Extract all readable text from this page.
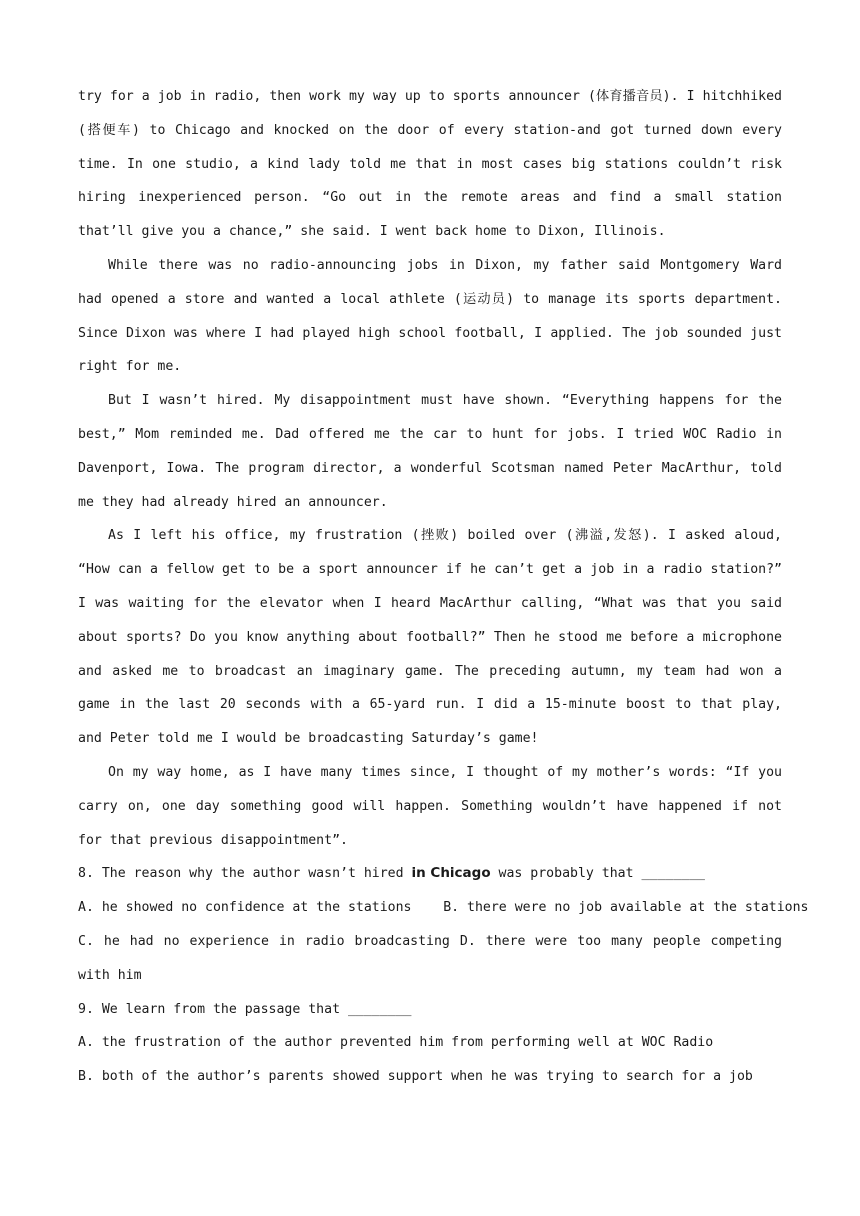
try for a job in radio, then work my way up to sports announcer (体育播音员). I hitchhiked (搭便车) to Chicago and knocked on the door of every station-and got turned down every time. In one studio, a kind lady told me that in most cases big stations couldn’t risk hiring inexperienced person. “Go out in the remote areas and find a small station that’ll give you a chance,” she said. I went back home to Dixon, Illinois.

While there was no radio-announcing jobs in Dixon, my father said Montgomery Ward had opened a store and wanted a local athlete (运动员) to manage its sports department. Since Dixon was where I had played high school football, I applied. The job sounded just right for me.

But I wasn’t hired. My disappointment must have shown. “Everything happens for the best,” Mom reminded me. Dad offered me the car to hunt for jobs. I tried WOC Radio in Davenport, Iowa. The program director, a wonderful Scotsman named Peter MacArthur, told me they had already hired an announcer.

As I left his office, my frustration (挫败) boiled over (沸溢,发怒). I asked aloud, “How can a fellow get to be a sport announcer if he can’t get a job in a radio station?” I was waiting for the elevator when I heard MacArthur calling, “What was that you said about sports? Do you know anything about football?” Then he stood me before a microphone and asked me to broadcast an imaginary game. The preceding autumn, my team had won a game in the last 20 seconds with a 65-yard run. I did a 15-minute boost to that play, and Peter told me I would be broadcasting Saturday’s game!

On my way home, as I have many times since, I thought of my mother’s words: “If you carry on, one day something good will happen. Something wouldn’t have happened if not for that previous disappointment”.

8. The reason why the author wasn’t hired in Chicago was probably that ________

A. he showed no confidence at the stations B. there were no job available at the stations

C. he had no experience in radio broadcasting D. there were too many people competing with him

9. We learn from the passage that ________

A. the frustration of the author prevented him from performing well at WOC Radio

B. both of the author’s parents showed support when he was trying to search for a job
